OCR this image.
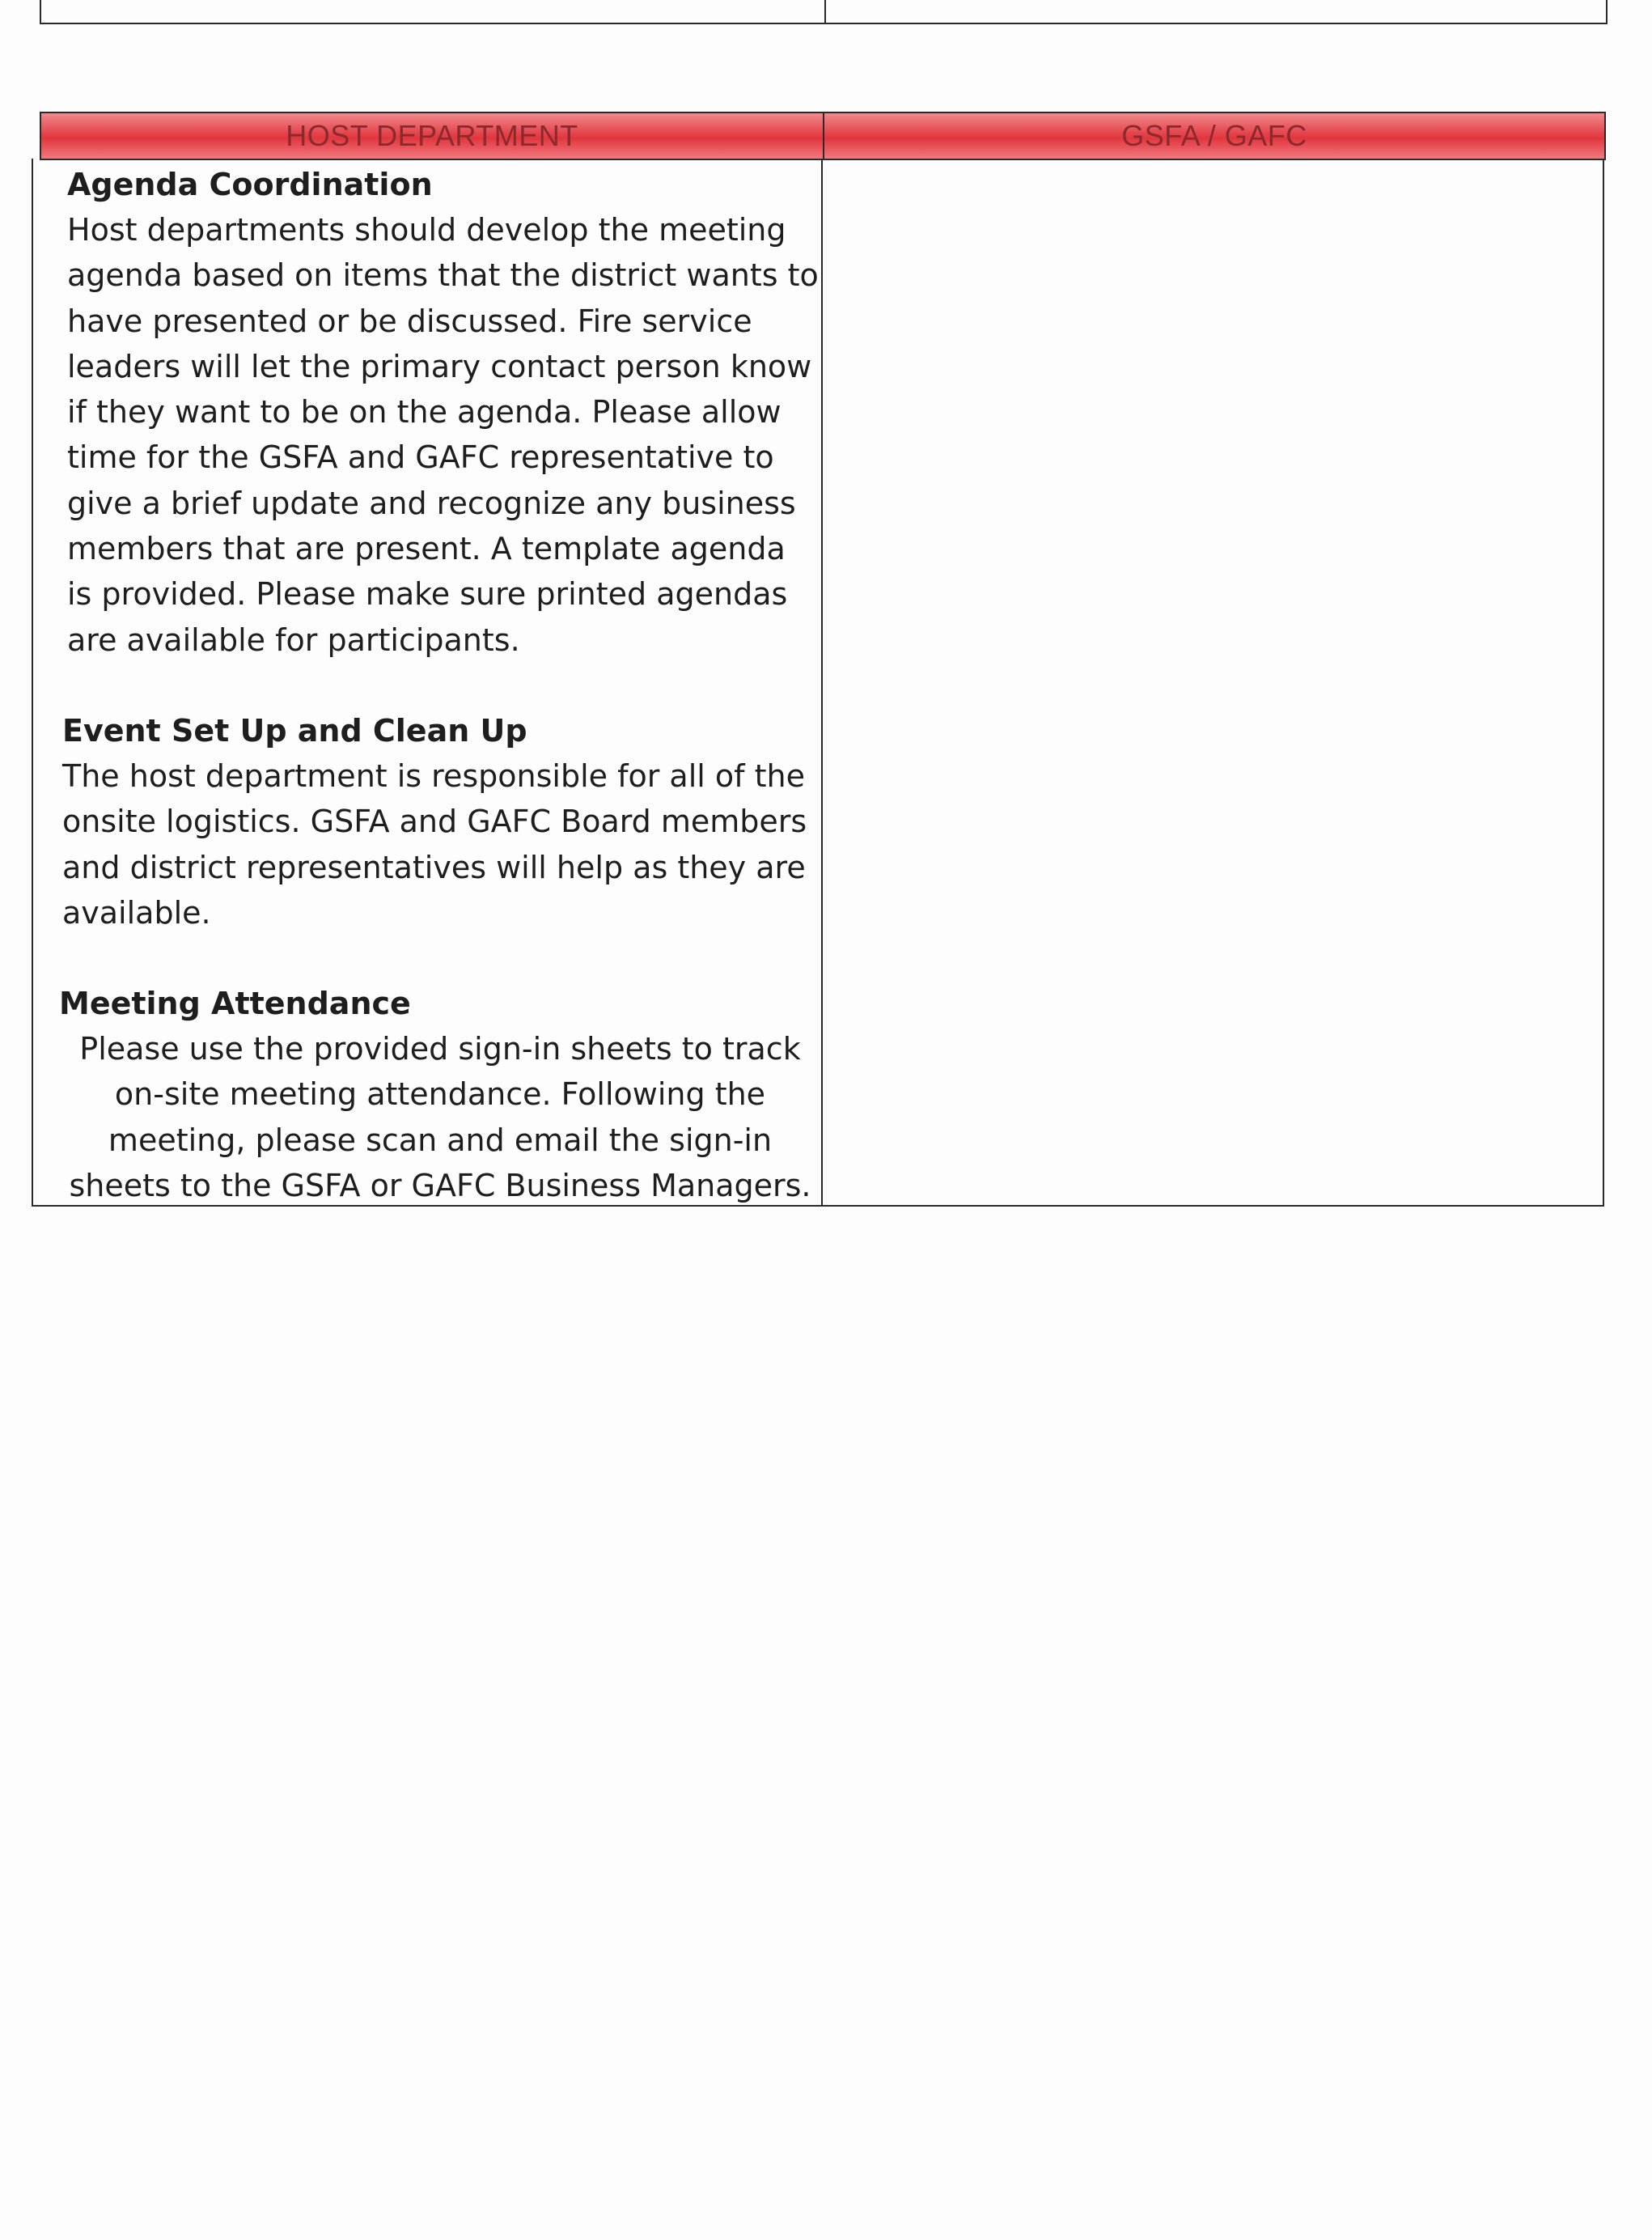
HOST DEPARTMENT	GSFA / GAFC

Agenda Coordination

Host departments should develop the meeting agenda based on items that the district wants to have presented or be discussed. Fire service leaders will let the primary contact person know if they want to be on the agenda. Please allow time for the GSFA and GAFC representative to give a brief update and recognize any business members that are present. A template agenda is provided. Please make sure printed agendas are available for participants.

Event Set Up and Clean Up

The host department is responsible for all of the onsite logistics. GSFA and GAFC Board members and district representatives will help as they are available.

Meeting Attendance

Please use the provided sign-in sheets to track on-site meeting attendance. Following the meeting, please scan and email the sign-in sheets to the GSFA or GAFC Business Managers.
